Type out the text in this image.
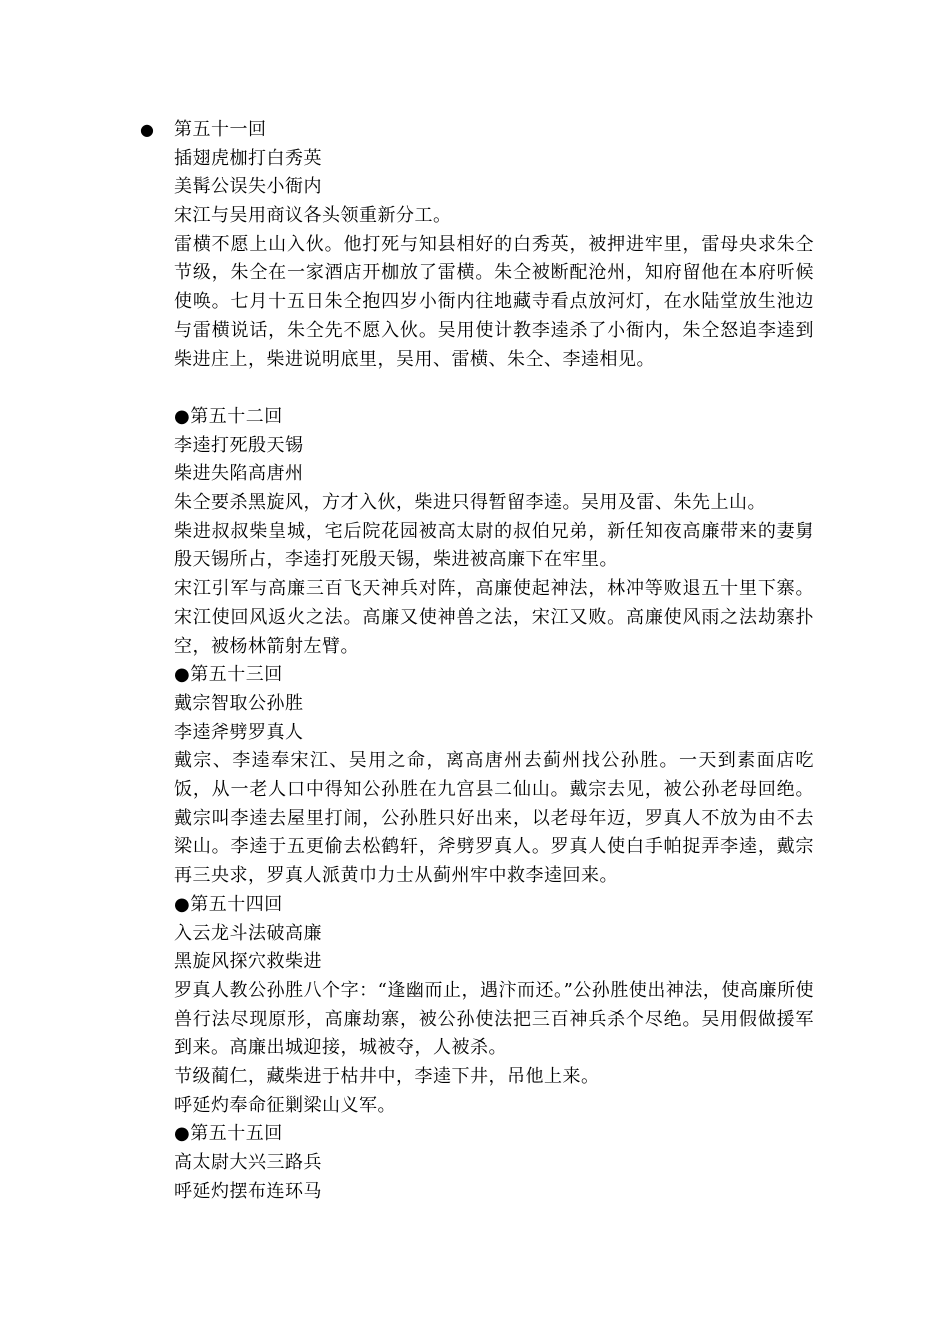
● 第五十一回
插翅虎枷打白秀英
美髯公误失小衙内

宋江与吴用商议各头领重新分工。

雷横不愿上山入伙。他打死与知县相好的白秀英，被押进牢里，雷母央求朱仝节级，朱仝在一家酒店开枷放了雷横。朱仝被断配沧州，知府留他在本府听候使唤。七月十五日朱仝抱四岁小衙内往地藏寺看点放河灯，在水陆堂放生池边与雷横说话，朱仝先不愿入伙。吴用使计教李逵杀了小衙内，朱仝怒追李逵到柴进庄上，柴进说明底里，吴用、雷横、朱仝、李逵相见。

●第五十二回
李逵打死殷天锡
柴进失陷高唐州

朱仝要杀黑旋风，方才入伙，柴进只得暂留李逵。吴用及雷、朱先上山。

柴进叔叔柴皇城，宅后院花园被高太尉的叔伯兄弟，新任知夜高廉带来的妻舅殷天锡所占，李逵打死殷天锡，柴进被高廉下在牢里。

宋江引军与高廉三百飞天神兵对阵，高廉使起神法，林冲等败退五十里下寨。宋江使回风返火之法。高廉又使神兽之法，宋江又败。高廉使风雨之法劫寨扑空，被杨林箭射左臂。

●第五十三回
戴宗智取公孙胜
李逵斧劈罗真人

戴宗、李逵奉宋江、吴用之命，离高唐州去蓟州找公孙胜。一天到素面店吃饭，从一老人口中得知公孙胜在九宫县二仙山。戴宗去见，被公孙老母回绝。戴宗叫李逵去屋里打闹，公孙胜只好出来，以老母年迈，罗真人不放为由不去梁山。李逵于五更偷去松鹤轩，斧劈罗真人。罗真人使白手帕捉弄李逵，戴宗再三央求，罗真人派黄巾力士从蓟州牢中救李逵回来。

●第五十四回
入云龙斗法破高廉
黑旋风探穴救柴进

罗真人教公孙胜八个字：“逢幽而止，遇汴而还。”公孙胜使出神法，使高廉所使兽行法尽现原形，高廉劫寨，被公孙使法把三百神兵杀个尽绝。吴用假做援军到来。高廉出城迎接，城被夺，人被杀。

节级蔺仁，藏柴进于枯井中，李逵下井，吊他上来。

呼延灼奉命征剿梁山义军。

●第五十五回
高太尉大兴三路兵
呼延灼摆布连环马
